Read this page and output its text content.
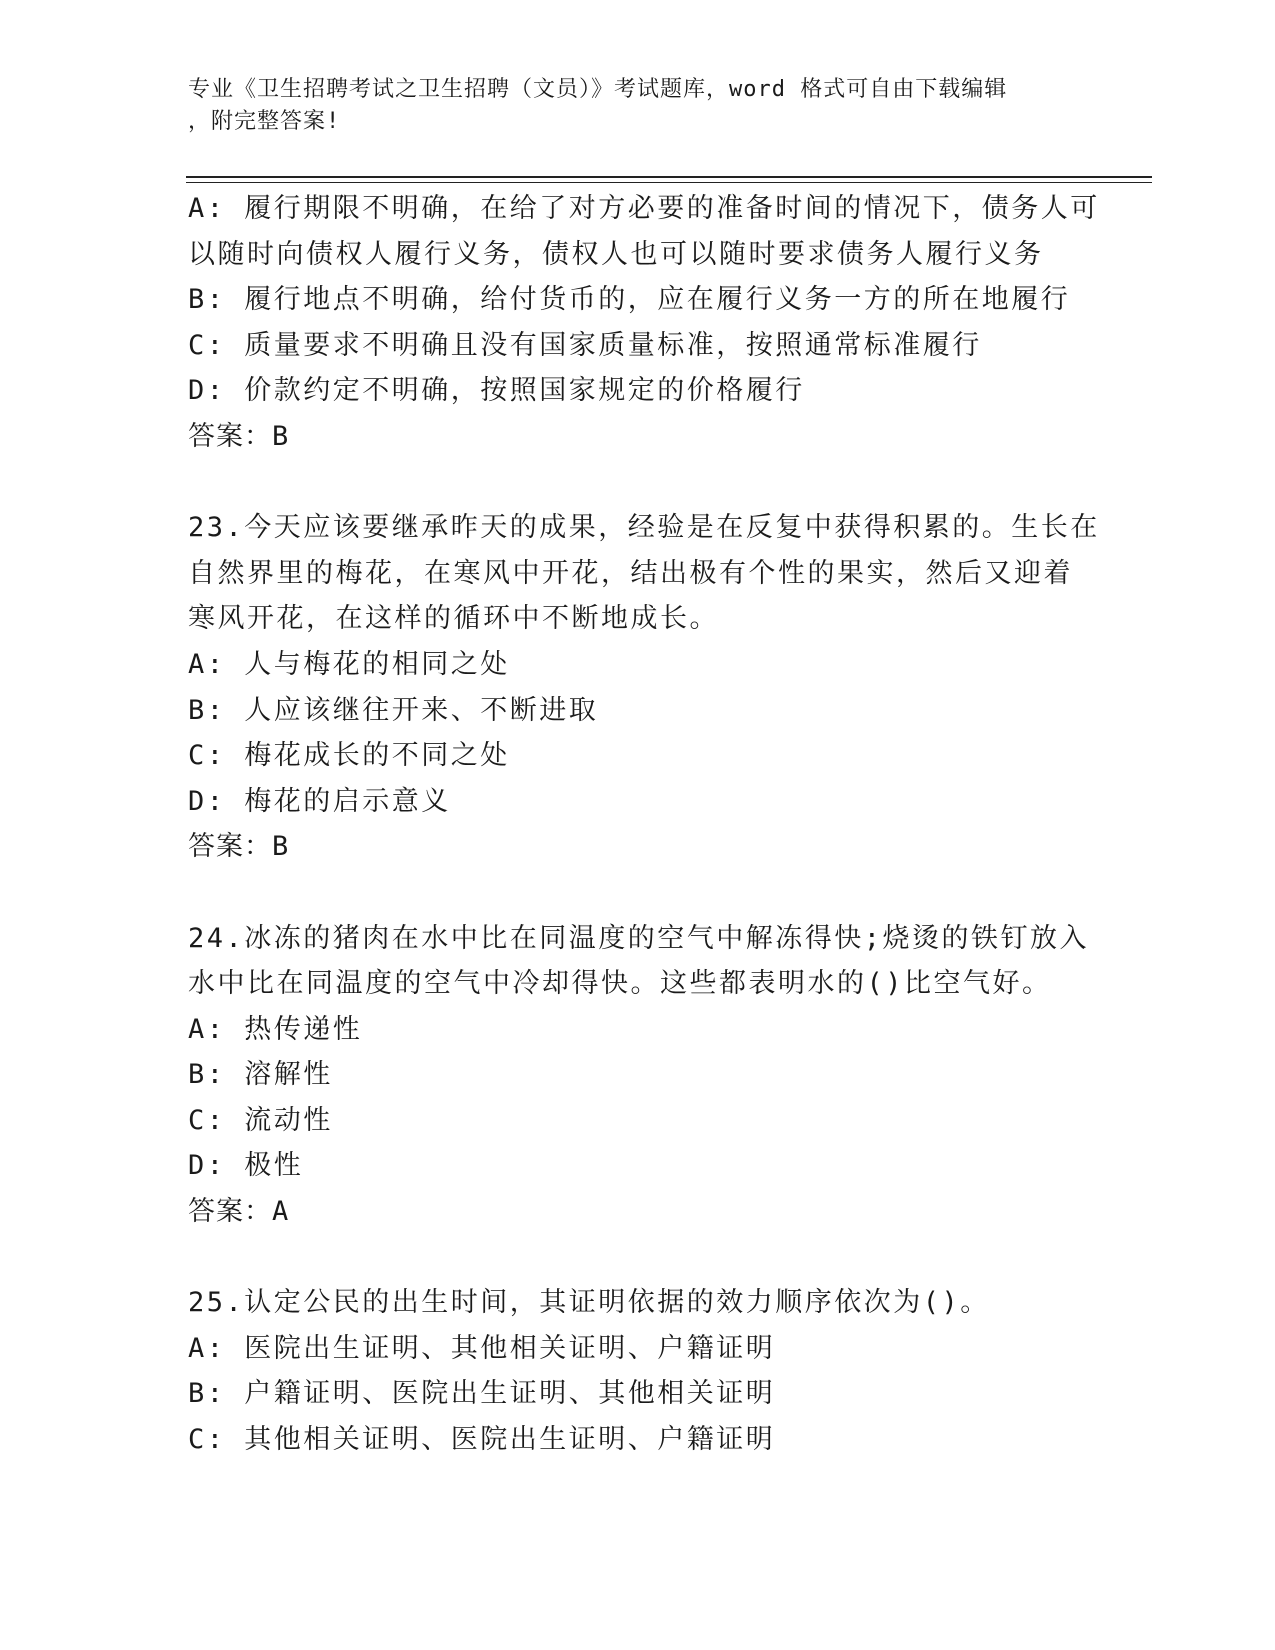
专业《卫生招聘考试之卫生招聘（文员）》考试题库，word 格式可自由下载编辑
，附完整答案!
A: 履行期限不明确，在给了对方必要的准备时间的情况下，债务人可
以随时向债权人履行义务，债权人也可以随时要求债务人履行义务
B: 履行地点不明确，给付货币的，应在履行义务一方的所在地履行
C: 质量要求不明确且没有国家质量标准，按照通常标准履行
D: 价款约定不明确，按照国家规定的价格履行
答案：B
23.今天应该要继承昨天的成果，经验是在反复中获得积累的。生长在
自然界里的梅花，在寒风中开花，结出极有个性的果实，然后又迎着
寒风开花，在这样的循环中不断地成长。
A: 人与梅花的相同之处
B: 人应该继往开来、不断进取
C: 梅花成长的不同之处
D: 梅花的启示意义
答案：B
24.冰冻的猪肉在水中比在同温度的空气中解冻得快;烧烫的铁钉放入
水中比在同温度的空气中冷却得快。这些都表明水的()比空气好。
A: 热传递性
B: 溶解性
C: 流动性
D: 极性
答案：A
25.认定公民的出生时间，其证明依据的效力顺序依次为()。
A: 医院出生证明、其他相关证明、户籍证明
B: 户籍证明、医院出生证明、其他相关证明
C: 其他相关证明、医院出生证明、户籍证明
